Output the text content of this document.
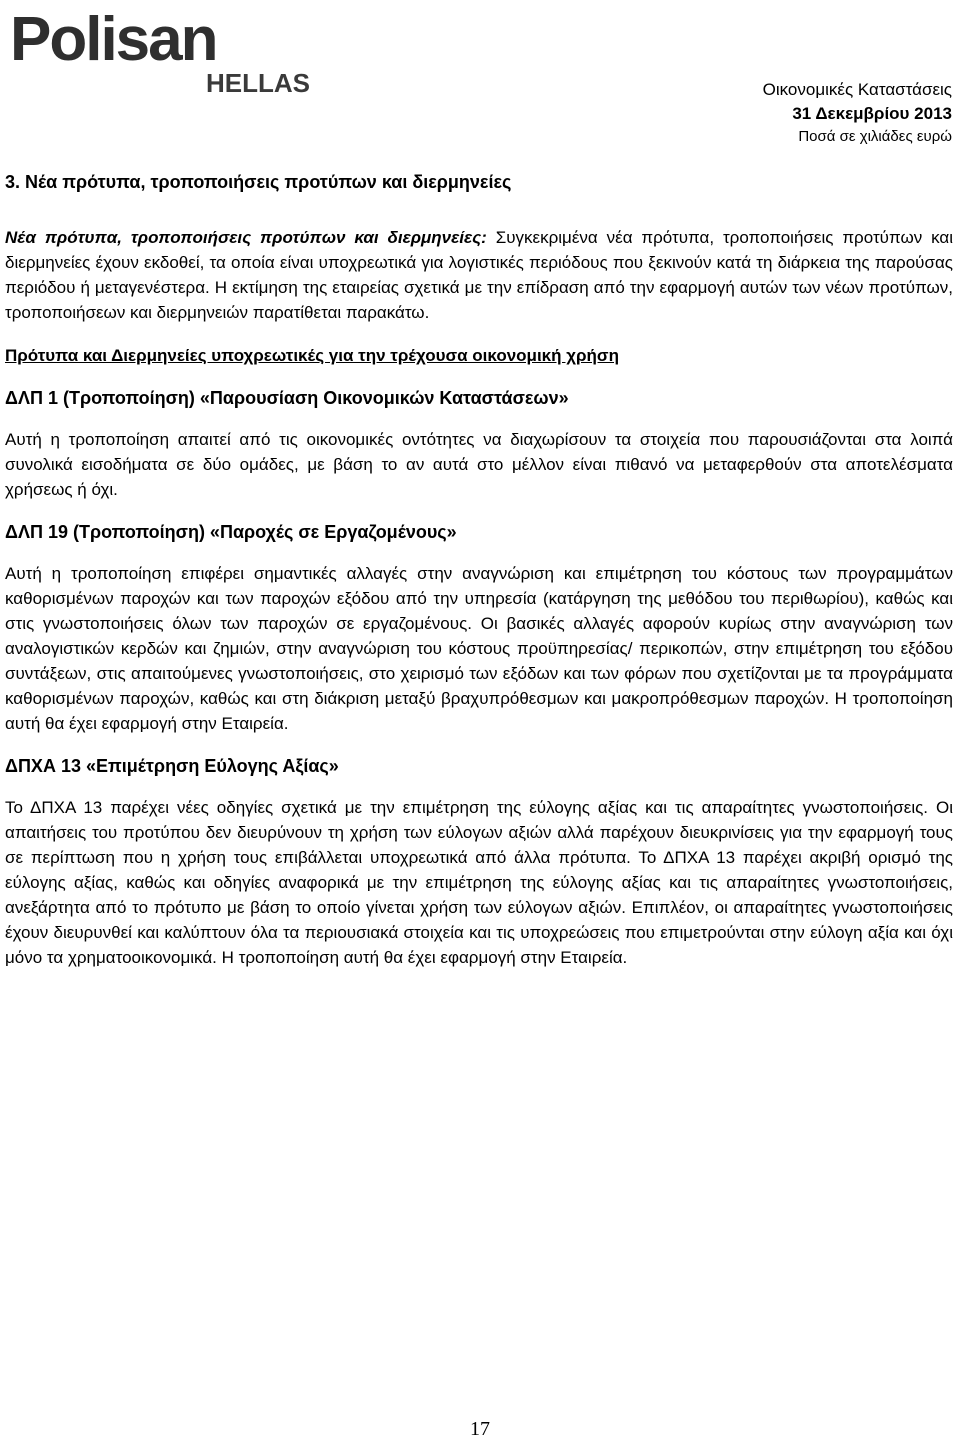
Polisan
HELLAS	Οικονομικές Καταστάσεις
31 Δεκεμβρίου 2013
Ποσά σε χιλιάδες ευρώ
3. Νέα πρότυπα, τροποποιήσεις προτύπων και διερμηνείες

Νέα πρότυπα, τροποποιήσεις προτύπων και διερμηνείες: Συγκεκριμένα νέα πρότυπα, τροποποιήσεις προτύπων και διερμηνείες έχουν εκδοθεί, τα οποία είναι υποχρεωτικά για λογιστικές περιόδους που ξεκινούν κατά τη διάρκεια της παρούσας περιόδου ή μεταγενέστερα. Η εκτίμηση της εταιρείας σχετικά με την επίδραση από την εφαρμογή αυτών των νέων προτύπων, τροποποιήσεων και διερμηνειών παρατίθεται παρακάτω.

Πρότυπα και Διερμηνείες υποχρεωτικές για την τρέχουσα οικονομική χρήση
ΔΛΠ 1 (Τροποποίηση) «Παρουσίαση Οικονομικών Καταστάσεων»

Αυτή η τροποποίηση απαιτεί από τις οικονομικές οντότητες να διαχωρίσουν τα στοιχεία που παρουσιάζονται στα λοιπά συνολικά εισοδήματα σε δύο ομάδες, με βάση το αν αυτά στο μέλλον είναι πιθανό να μεταφερθούν στα αποτελέσματα χρήσεως ή όχι.

ΔΛΠ 19 (Τροποποίηση) «Παροχές σε Εργαζομένους»

Αυτή η τροποποίηση επιφέρει σημαντικές αλλαγές στην αναγνώριση και επιμέτρηση του κόστους των προγραμμάτων καθορισμένων παροχών και των παροχών εξόδου από την υπηρεσία (κατάργηση της μεθόδου του περιθωρίου), καθώς και στις γνωστοποιήσεις όλων των παροχών σε εργαζομένους. Οι βασικές αλλαγές αφορούν κυρίως στην αναγνώριση των αναλογιστικών κερδών και ζημιών, στην αναγνώριση του κόστους προϋπηρεσίας/ περικοπών, στην επιμέτρηση του εξόδου συντάξεων, στις απαιτούμενες γνωστοποιήσεις, στο χειρισμό των εξόδων και των φόρων που σχετίζονται με τα προγράμματα καθορισμένων παροχών, καθώς και στη διάκριση μεταξύ βραχυπρόθεσμων και μακροπρόθεσμων παροχών. Η τροποποίηση αυτή θα έχει εφαρμογή στην Εταιρεία.

ΔΠΧΑ 13 «Επιμέτρηση Εύλογης Αξίας»

Το ΔΠΧΑ 13 παρέχει νέες οδηγίες σχετικά με την επιμέτρηση της εύλογης αξίας και τις απαραίτητες γνωστοποιήσεις. Οι απαιτήσεις του προτύπου δεν διευρύνουν τη χρήση των εύλογων αξιών αλλά παρέχουν διευκρινίσεις για την εφαρμογή τους σε περίπτωση που η χρήση τους επιβάλλεται υποχρεωτικά από άλλα πρότυπα. Το ΔΠΧΑ 13 παρέχει ακριβή ορισμό της εύλογης αξίας, καθώς και οδηγίες αναφορικά με την επιμέτρηση της εύλογης αξίας και τις απαραίτητες γνωστοποιήσεις, ανεξάρτητα από το πρότυπο με βάση το οποίο γίνεται χρήση των εύλογων αξιών. Επιπλέον, οι απαραίτητες γνωστοποιήσεις έχουν διευρυνθεί και καλύπτουν όλα τα περιουσιακά στοιχεία και τις υποχρεώσεις που επιμετρούνται στην εύλογη αξία και όχι μόνο τα χρηματοοικονομικά. Η τροποποίηση αυτή θα έχει εφαρμογή στην Εταιρεία.

17
